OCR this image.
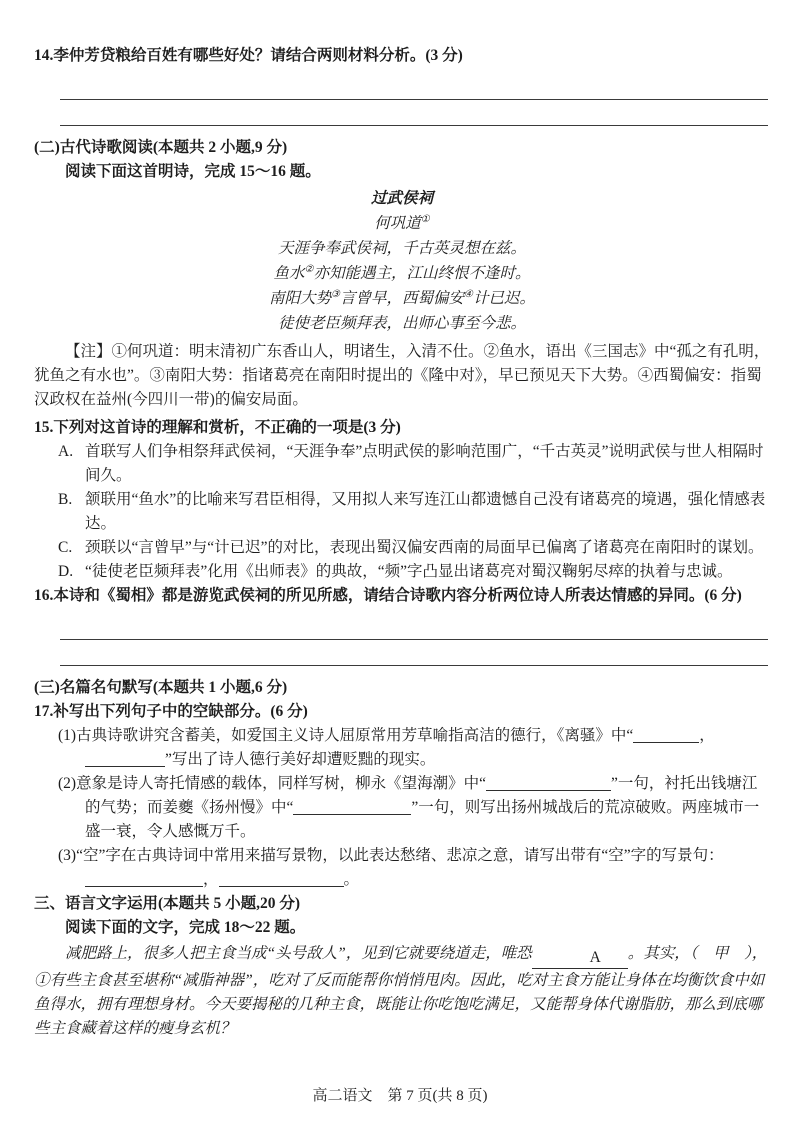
14.李仲芳贷粮给百姓有哪些好处？请结合两则材料分析。(3 分)
(二)古代诗歌阅读(本题共 2 小题,9 分)
阅读下面这首明诗，完成 15～16 题。
过武侯祠
何巩道①
天涯争奉武侯祠，千古英灵想在兹。
鱼水②亦知能遇主，江山终恨不逢时。
南阳大势③言曾早，西蜀偏安④计已迟。
徒使老臣频拜表，出师心事至今悲。
【注】①何巩道：明末清初广东香山人，明诸生，入清不仕。②鱼水，语出《三国志》中“孤之有孔明，犹鱼之有水也”。③南阳大势：指诸葛亮在南阳时提出的《隆中对》，早已预见天下大势。④西蜀偏安：指蜀汉政权在益州(今四川一带)的偏安局面。
15.下列对这首诗的理解和赏析，不正确的一项是(3 分)
A. 首联写人们争相祭拜武侯祠，“天涯争奉”点明武侯的影响范围广，“千古英灵”说明武侯与世人相隔时间久。
B. 颔联用“鱼水”的比喻来写君臣相得，又用拟人来写连江山都遗憾自己没有诸葛亮的境遇，强化情感表达。
C. 颈联以“言曾早”与“计已迟”的对比，表现出蜀汉偏安西南的局面早已偏离了诸葛亮在南阳时的谋划。
D. “徒使老臣频拜表”化用《出师表》的典故，“频”字凸显出诸葛亮对蜀汉鞠躬尽瘁的执着与忠诚。
16.本诗和《蜀相》都是游览武侯祠的所见所感，请结合诗歌内容分析两位诗人所表达情感的异同。(6 分)
(三)名篇名句默写(本题共 1 小题,6 分)
17.补写出下列句子中的空缺部分。(6 分)
(1)古典诗歌讲究含蓄美，如爱国主义诗人屈原常用芳草喻指高洁的德行，《离骚》中“	，”写出了诗人德行美好却遭贬黜的现实。
(2)意象是诗人寄托情感的载体，同样写树，柳永《望海潮》中“	”一句，衬托出钱塘江的气势；而姜夔《扬州慢》中“	”一句，则写出扬州城战后的荒凉破败。两座城市一盛一衰，令人感慨万千。
(3)“空”字在古典诗词中常用来描写景物，以此表达愁绪、悲凉之意，请写出带有“空”字的写景句：，	。
三、语言文字运用(本题共 5 小题,20 分)
阅读下面的文字，完成 18～22 题。
减肥路上，很多人把主食当成“头号敌人”，见到它就要绕道走，唯恐	A 。其实，（　甲　），①有些主食甚至堪称“减脂神器”，吃对了反而能帮你悄悄甩肉。因此，吃对主食方能让身体在均衡饮食中如鱼得水，拥有理想身材。今天要揭秘的几种主食，既能让你吃饱吃满足，又能帮身体代谢脂肪，那么到底哪些主食藏着这样的瘦身玄机？
高二语文　第 7 页(共 8 页)
